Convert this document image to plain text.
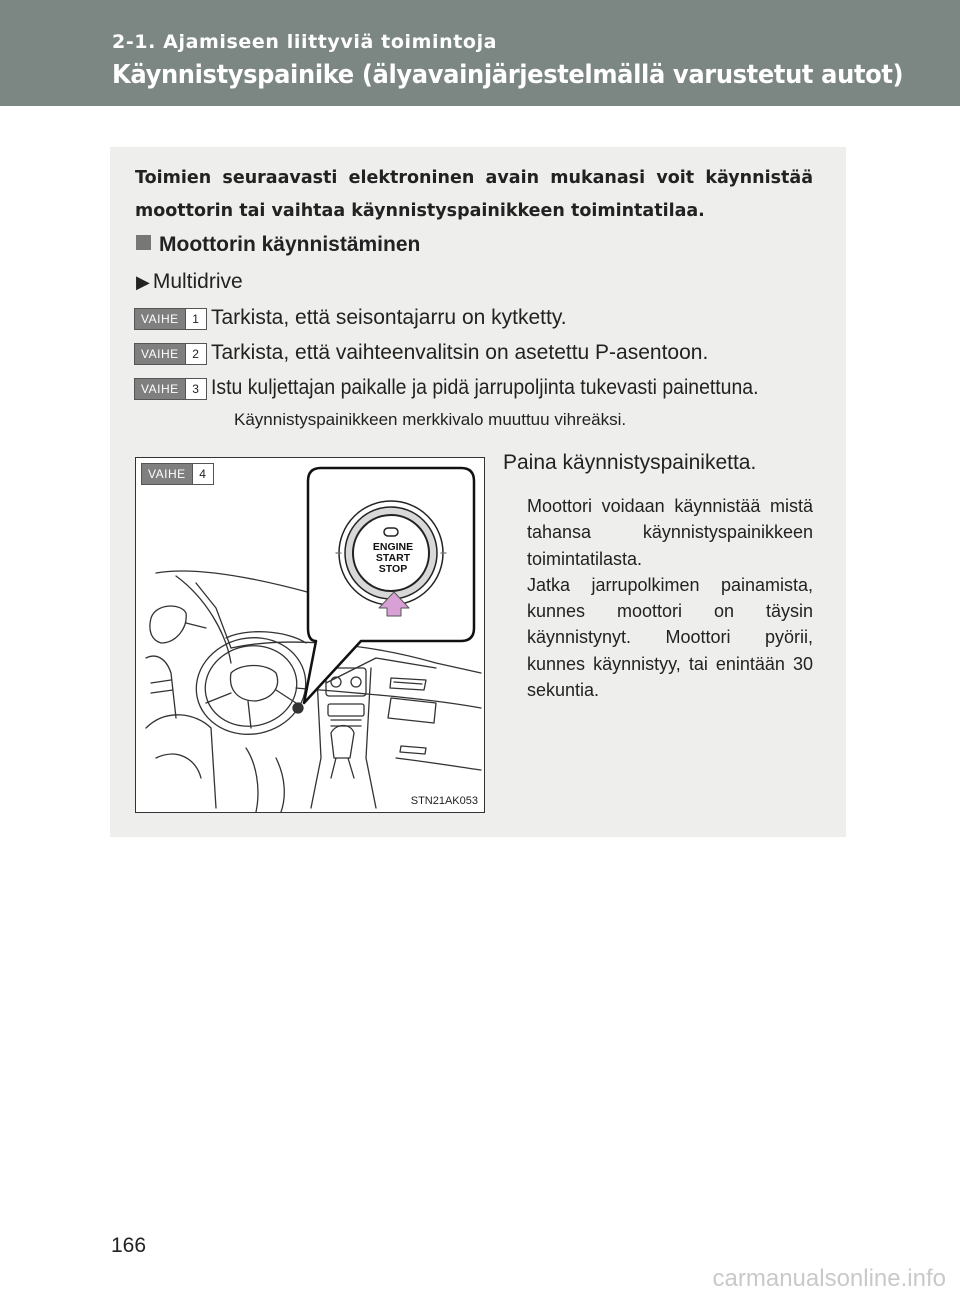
2-1. Ajamiseen liittyviä toimintoja
Käynnistyspainike (älyavainjärjestelmällä varustetut autot)
Toimien seuraavasti elektroninen avain mukanasi voit käynnistää moottorin tai vaihtaa käynnistyspainikkeen toimintatilaa.
Moottorin käynnistäminen
▶ Multidrive
VAIHE	1 Tarkista, että seisontajarru on kytketty.
VAIHE	2 Tarkista, että vaihteenvalitsin on asetettu P-asentoon.
VAIHE	3 Istu kuljettajan paikalle ja pidä jarrupoljinta tukevasti painettuna.
Käynnistyspainikkeen merkkivalo muuttuu vihreäksi.
ENGINE
START
STOP
VAIHE	4
STN21AK053
Paina käynnistyspainiketta.

Moottori voidaan käynnistää mistä tahansa käynnistyspainikkeen toimintatilasta.

Jatka jarrupolkimen painamista, kunnes moottori on täysin käynnistynyt. Moottori pyörii, kunnes käynnistyy, tai enintään 30 sekuntia.

166
carmanualsonline.info
